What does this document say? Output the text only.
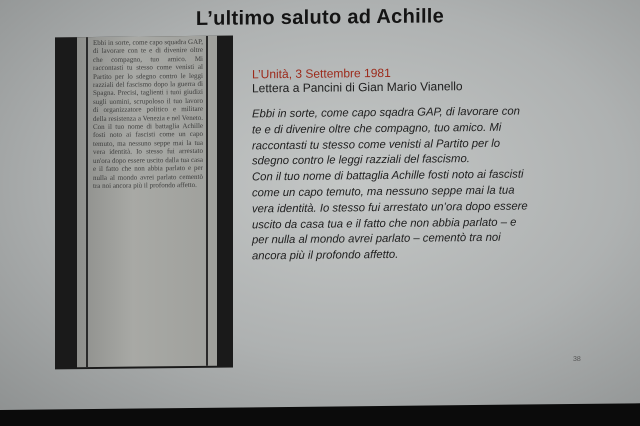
L’ultimo saluto ad Achille
Ebbi in sorte, come capo squadra GAP, di lavorare con te e di divenire oltre che compagno, tuo amico. Mi raccontasti tu stesso come venisti al Partito per lo sdegno contro le leggi razziali del fascismo dopo la guerra di Spagna. Precisi, taglienti i tuoi giudizi sugli uomini, scrupoloso il tuo lavoro di organizzatore politico e militare della resistenza a Venezia e nel Veneto. Con il tuo nome di battaglia Achille fosti noto ai fascisti come un capo temuto, ma nessuno seppe mai la tua vera identità. Io stesso fui arrestato un'ora dopo essere uscito dalla tua casa e il fatto che non abbia parlato e per nulla al mondo avrei parlato cementò tra noi ancora più il profondo affetto.
L’Unità, 3 Settembre 1981
Lettera a Pancini di Gian Mario Vianello
Ebbi in sorte, come capo sqadra GAP, di lavorare con
te e di divenire oltre che compagno, tuo amico. Mi
raccontasti tu stesso come venisti al Partito per lo
sdegno contro le leggi razziali del fascismo.
Con il tuo nome di battaglia Achille fosti noto ai fascisti
come un capo temuto, ma nessuno seppe mai la tua
vera identità. Io stesso fui arrestato un’ora dopo essere
uscito da casa tua e il fatto che non abbia parlato – e
per nulla al mondo avrei parlato – cementò tra noi
ancora più il profondo affetto.
38
